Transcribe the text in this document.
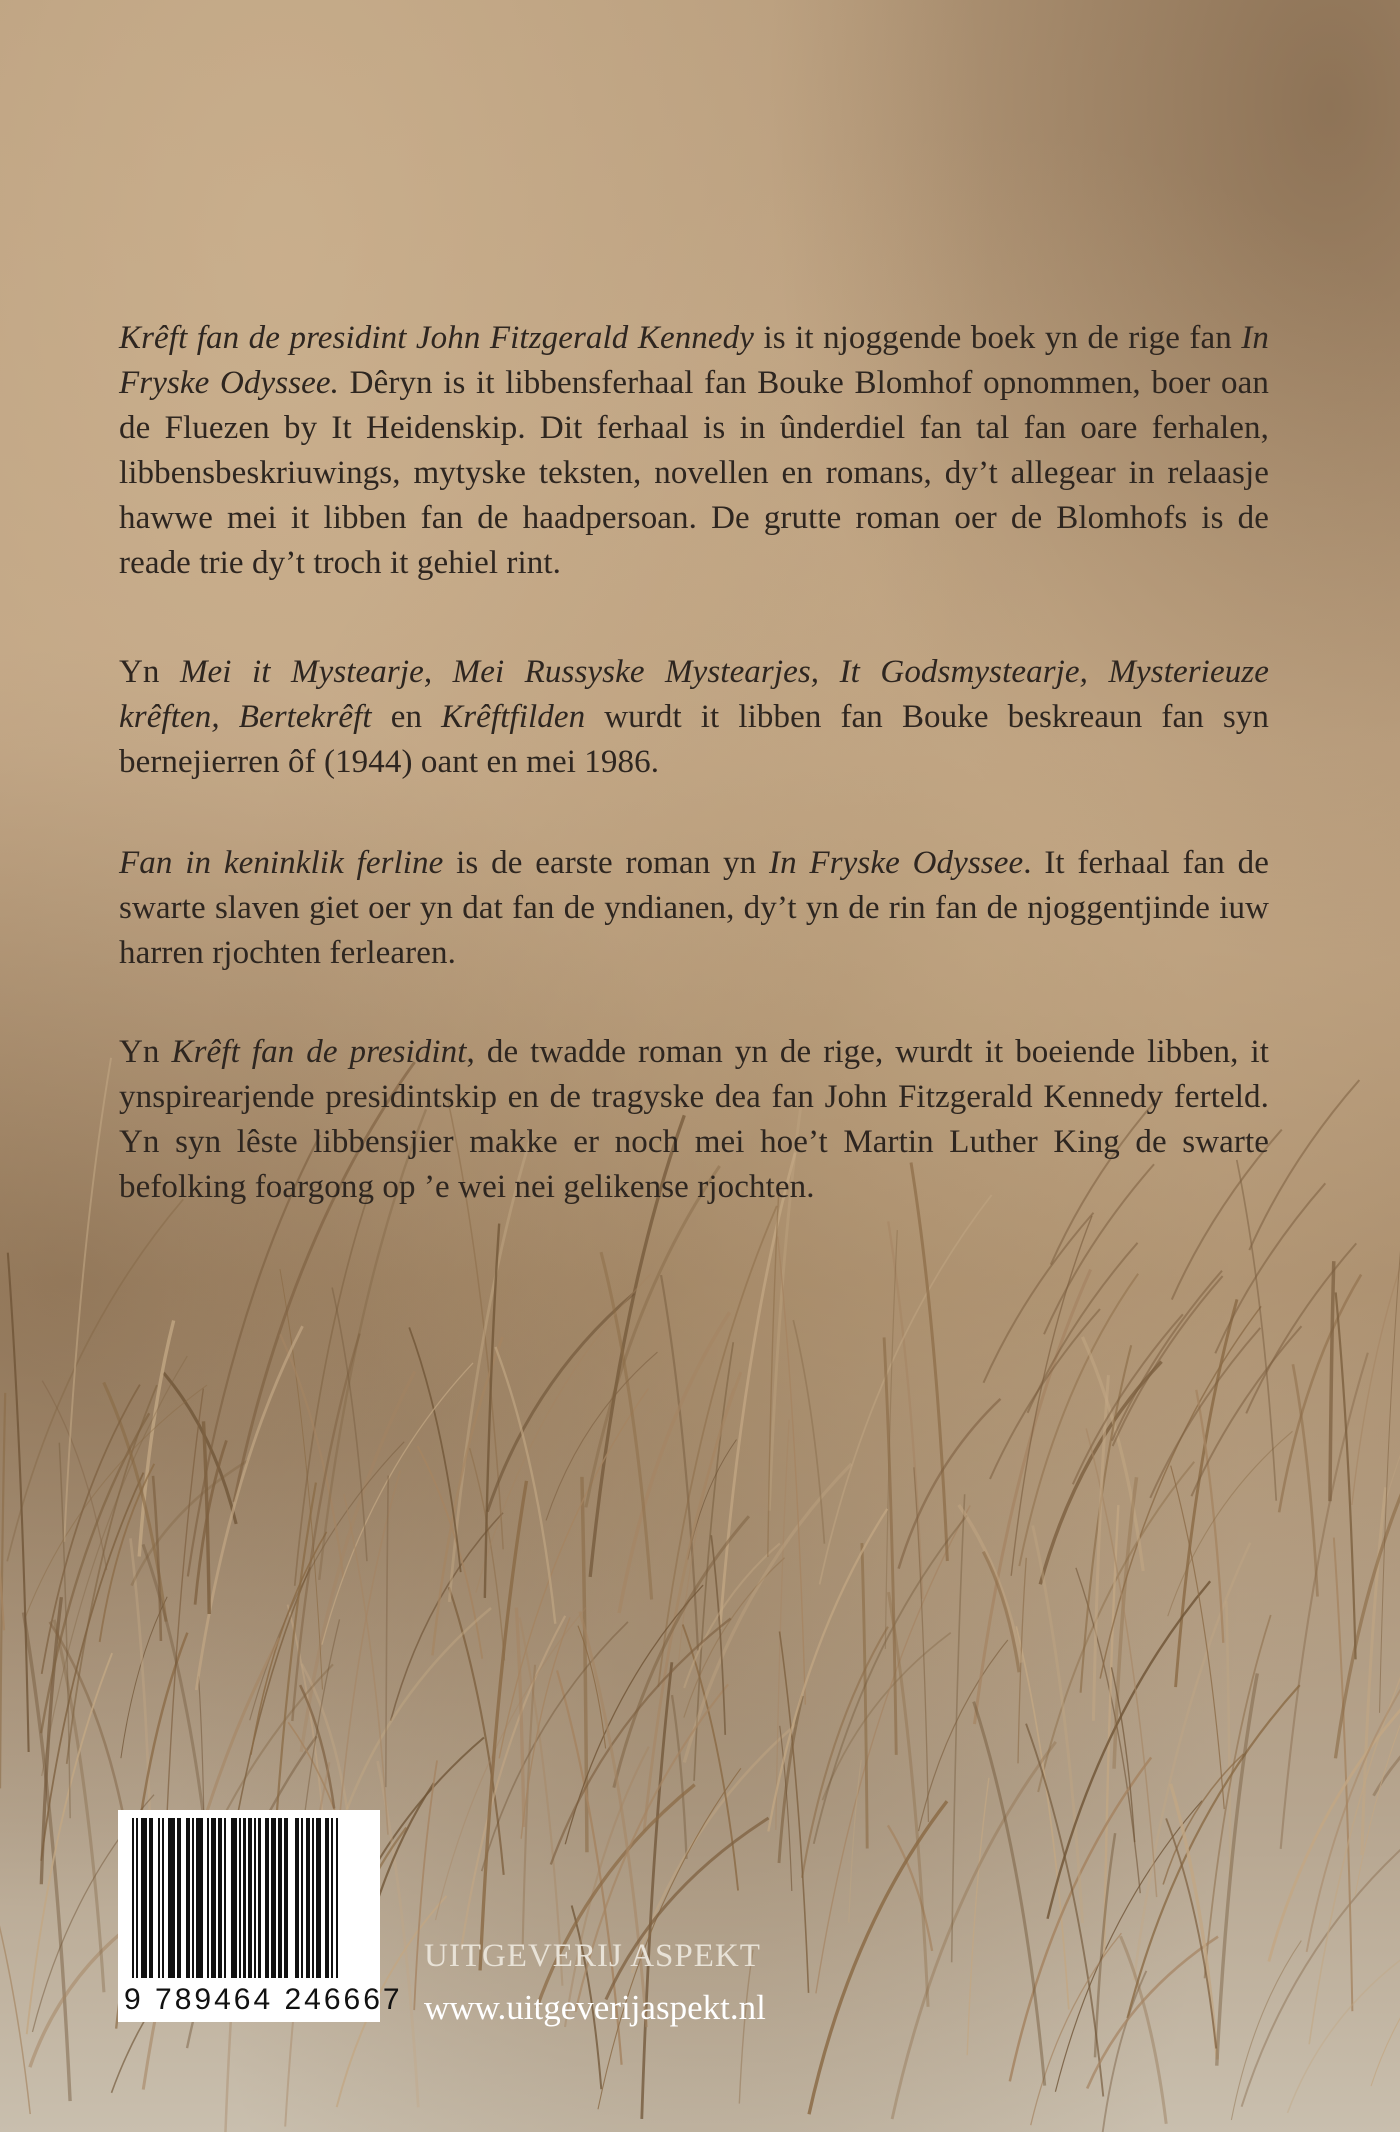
Krêft fan de presidint John Fitzgerald Kennedy is it njoggende boek yn de rige fan In Fryske Odyssee. Dêryn is it libbensferhaal fan Bouke Blomhof opnommen, boer oan de Fluezen by It Heidenskip. Dit ferhaal is in ûnderdiel fan tal fan oare ferhalen, libbensbeskriuwings, mytyske teksten, novellen en romans, dy’t allegear in relaasje hawwe mei it libben fan de haadpersoan. De grutte roman oer de Blomhofs is de reade trie dy’t troch it gehiel rint.

Yn Mei it Mystearje, Mei Russyske Mystearjes, It Godsmystearje, Mysterieuze krêften, Bertekrêft en Krêftfilden wurdt it libben fan Bouke beskreaun fan syn bernejierren ôf (1944) oant en mei 1986.

Fan in keninklik ferline is de earste roman yn In Fryske Odyssee. It ferhaal fan de swarte slaven giet oer yn dat fan de yndianen, dy’t yn de rin fan de njoggentjinde iuw harren rjochten ferlearen.

Yn Krêft fan de presidint, de twadde roman yn de rige, wurdt it boeiende libben, it ynspirearjende presidintskip en de tragyske dea fan John Fitzgerald Kennedy ferteld. Yn syn lêste libbensjier makke er noch mei hoe’t Martin Luther King de swarte befolking foargong op ’e wei nei gelikense rjochten.

9 789464 246667
UITGEVERIJ ASPEKT
www.uitgeverijaspekt.nl
